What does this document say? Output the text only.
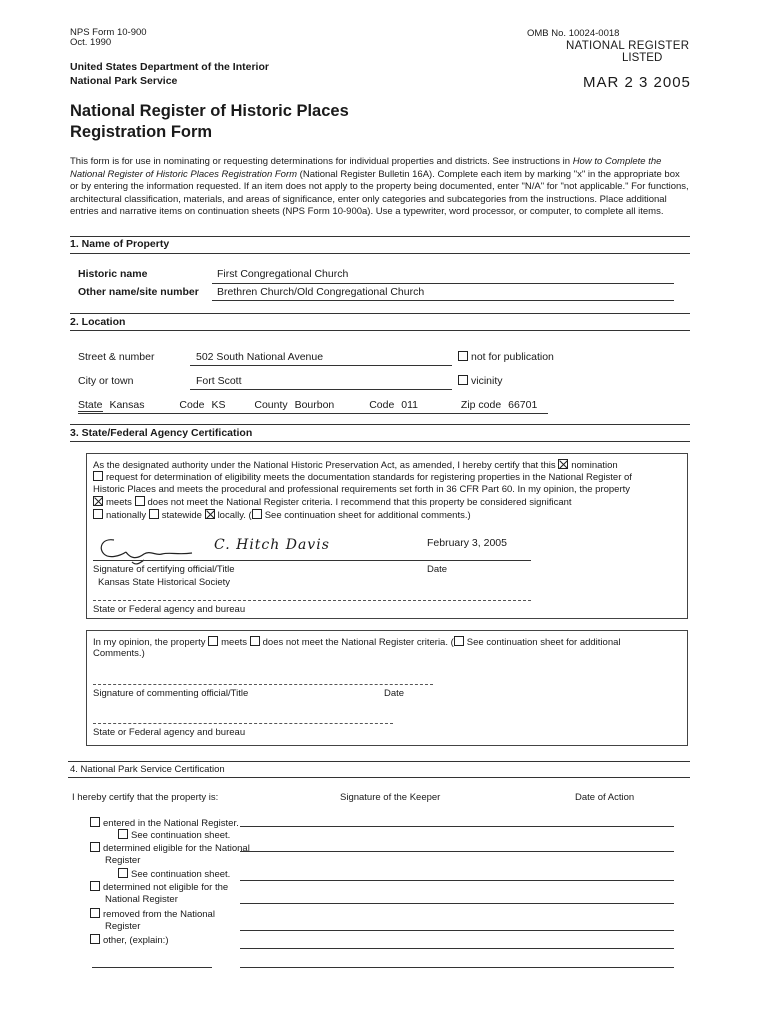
NPS Form 10-900
Oct. 1990
OMB No. 10024-0018
NATIONAL REGISTER
LISTED
MAR 2 3 2005
United States Department of the Interior
National Park Service
National Register of Historic Places
Registration Form
This form is for use in nominating or requesting determinations for individual properties and districts. See instructions in How to Complete the National Register of Historic Places Registration Form (National Register Bulletin 16A). Complete each item by marking "x" in the appropriate box or by entering the information requested. If an item does not apply to the property being documented, enter "N/A" for "not applicable." For functions, architectural classification, materials, and areas of significance, enter only categories and subcategories from the instructions. Place additional entries and narrative items on continuation sheets (NPS Form 10-900a). Use a typewriter, word processor, or computer, to complete all items.
1. Name of Property
Historic name	First Congregational Church
Other name/site number Brethren Church/Old Congregational Church
2. Location
Street & number	502 South National Avenue	not for publication
City or town	Fort Scott	vicinity
State Kansas	Code KS	County Bourbon	Code 011	Zip code 66701
3. State/Federal Agency Certification
As the designated authority under the National Historic Preservation Act, as amended, I hereby certify that this nomination
request for determination of eligibility meets the documentation standards for registering properties in the National Register of
Historic Places and meets the procedural and professional requirements set forth in 36 CFR Part 60. In my opinion, the property
meets does not meet the National Register criteria. I recommend that this property be considered significant
nationally statewide locally. ( See continuation sheet for additional comments.)
C. Hitch Davis	February 3, 2005
Signature of certifying official/Title	Date
Kansas State Historical Society
State or Federal agency and bureau
In my opinion, the property meets does not meet the National Register criteria. ( See continuation sheet for additional
Comments.)
Signature of commenting official/Title	Date
State or Federal agency and bureau
4. National Park Service Certification
I hereby certify that the property is:	Signature of the Keeper	Date of Action
entered in the National Register.
See continuation sheet.
determined eligible for the National
Register
See continuation sheet.
determined not eligible for the
National Register
removed from the National
Register
other, (explain:)
